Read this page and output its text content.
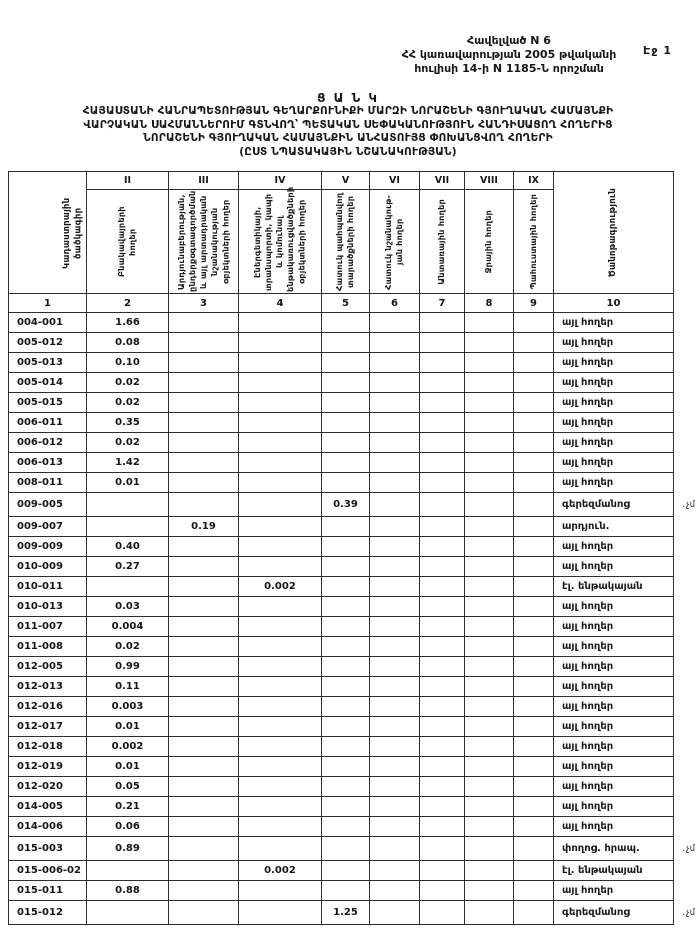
Էջ 1
Հավելված N 6
ՀՀ կառավարության 2005 թվականի
հուլիսի 14-ի N 1185-Ն որոշման
Ց Ա Ն Կ
ՀԱՅԱՍՏԱՆԻ ՀԱՆՐԱՊԵՏՈՒԹՅԱՆ ԳԵՂԱՐՔՈՒՆԻՔԻ ՄԱՐԶԻ ՆՈՐԱՇԵՆԻ ԳՅՈՒՂԱԿԱՆ ՀԱՄԱՅՆՔԻ
ՎԱՐՉԱԿԱՆ ՍԱՀՄԱՆՆԵՐՈՒՄ ԳՏՆՎՈՂ՝ ՊԵՏԱԿԱՆ ՍԵՓԱԿԱՆՈՒԹՅՈՒՆ ՀԱՆԴԻՍԱՑՈՂ ՀՈՂԵՐԻՑ
ՆՈՐԱՇԵՆԻ ԳՅՈՒՂԱԿԱՆ ՀԱՄԱՅՆՔԻՆ ԱՆՀԱՏՈՒՅՑ ՓՈԽԱՆՑՎՈՂ ՀՈՂԵՐԻ
(ԸՍՏ ՆՊԱՏԱԿԱՅԻՆ ՆՇԱՆԱԿՈՒԹՅԱՆ)
Կադաստրային ծածկագիր	II	III	IV	V	VI	VII	VIII	IX	Ծանոթագրություն

	Բնակավայրերի հողեր	Արդյունաբերության, ընդերքօգտագործման և այլ արտադրական նշանակության օբյեկտների հողեր	Էներգետիկայի, տրանսպորտի, կապի և կոմունալ ենթակառուցվածքների օբյեկտների հողեր	Հատուկ պահպանվող տարածքների հողեր	Հատուկ նշանակութ-յան հողեր	Անտառային հողեր	Ջրային հողեր	Պահուստային հողեր	

1	2	3	4	5	6	7	8	9	10
004-001	1.66								այլ հողեր
005-012	0.08								այլ հողեր
005-013	0.10								այլ հողեր
005-014	0.02								այլ հողեր
005-015	0.02								այլ հողեր
006-011	0.35								այլ հողեր
006-012	0.02								այլ հողեր
006-013	1.42								այլ հողեր
008-011	0.01								այլ հողեր
009-005				0.39					գերեզմանոց . չմ

009-007		0.19							արդյուն.
009-009	0.40								այլ հողեր
010-009	0.27								այլ հողեր
010-011			0.002						էլ. ենթակայան
010-013	0.03								այլ հողեր
011-007	0.004								այլ հողեր
011-008	0.02								այլ հողեր
012-005	0.99								այլ հողեր
012-013	0.11								այլ հողեր
012-016	0.003								այլ հողեր
012-017	0.01								այլ հողեր
012-018	0.002								այլ հողեր
012-019	0.01								այլ հողեր
012-020	0.05								այլ հողեր
014-005	0.21								այլ հողեր
014-006	0.06								այլ հողեր
015-003	0.89								փողոց. հրապ. . չմ

015-006-02			0.002						էլ. ենթակայան
015-011	0.88								այլ հողեր
015-012				1.25					գերեզմանոց . չմ
